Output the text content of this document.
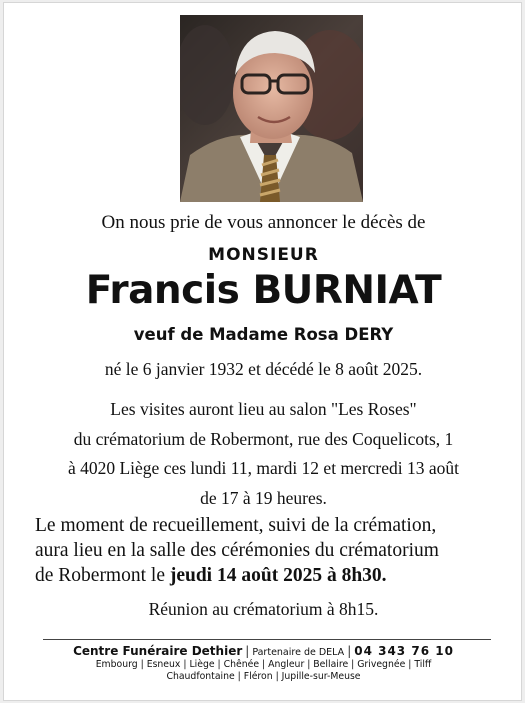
On nous prie de vous annoncer le décès de
MONSIEUR
Francis BURNIAT
veuf de Madame Rosa DERY
né le 6 janvier 1932 et décédé le 8 août 2025.
Les visites auront lieu au salon "Les Roses"
du crématorium de Robermont, rue des Coquelicots, 1
à 4020 Liège ces lundi 11, mardi 12 et mercredi 13 août
de 17 à 19 heures.
Le moment de recueillement, suivi de la crémation,
aura lieu en la salle des cérémonies du crématorium
de Robermont le jeudi 14 août 2025 à 8h30.
Réunion au crématorium à 8h15.
Centre Funéraire Dethier | Partenaire de DELA | 04 343 76 10
Embourg | Esneux | Liège | Chênée | Angleur | Bellaire | Grivegnée | Tilff
Chaudfontaine | Fléron | Jupille-sur-Meuse
